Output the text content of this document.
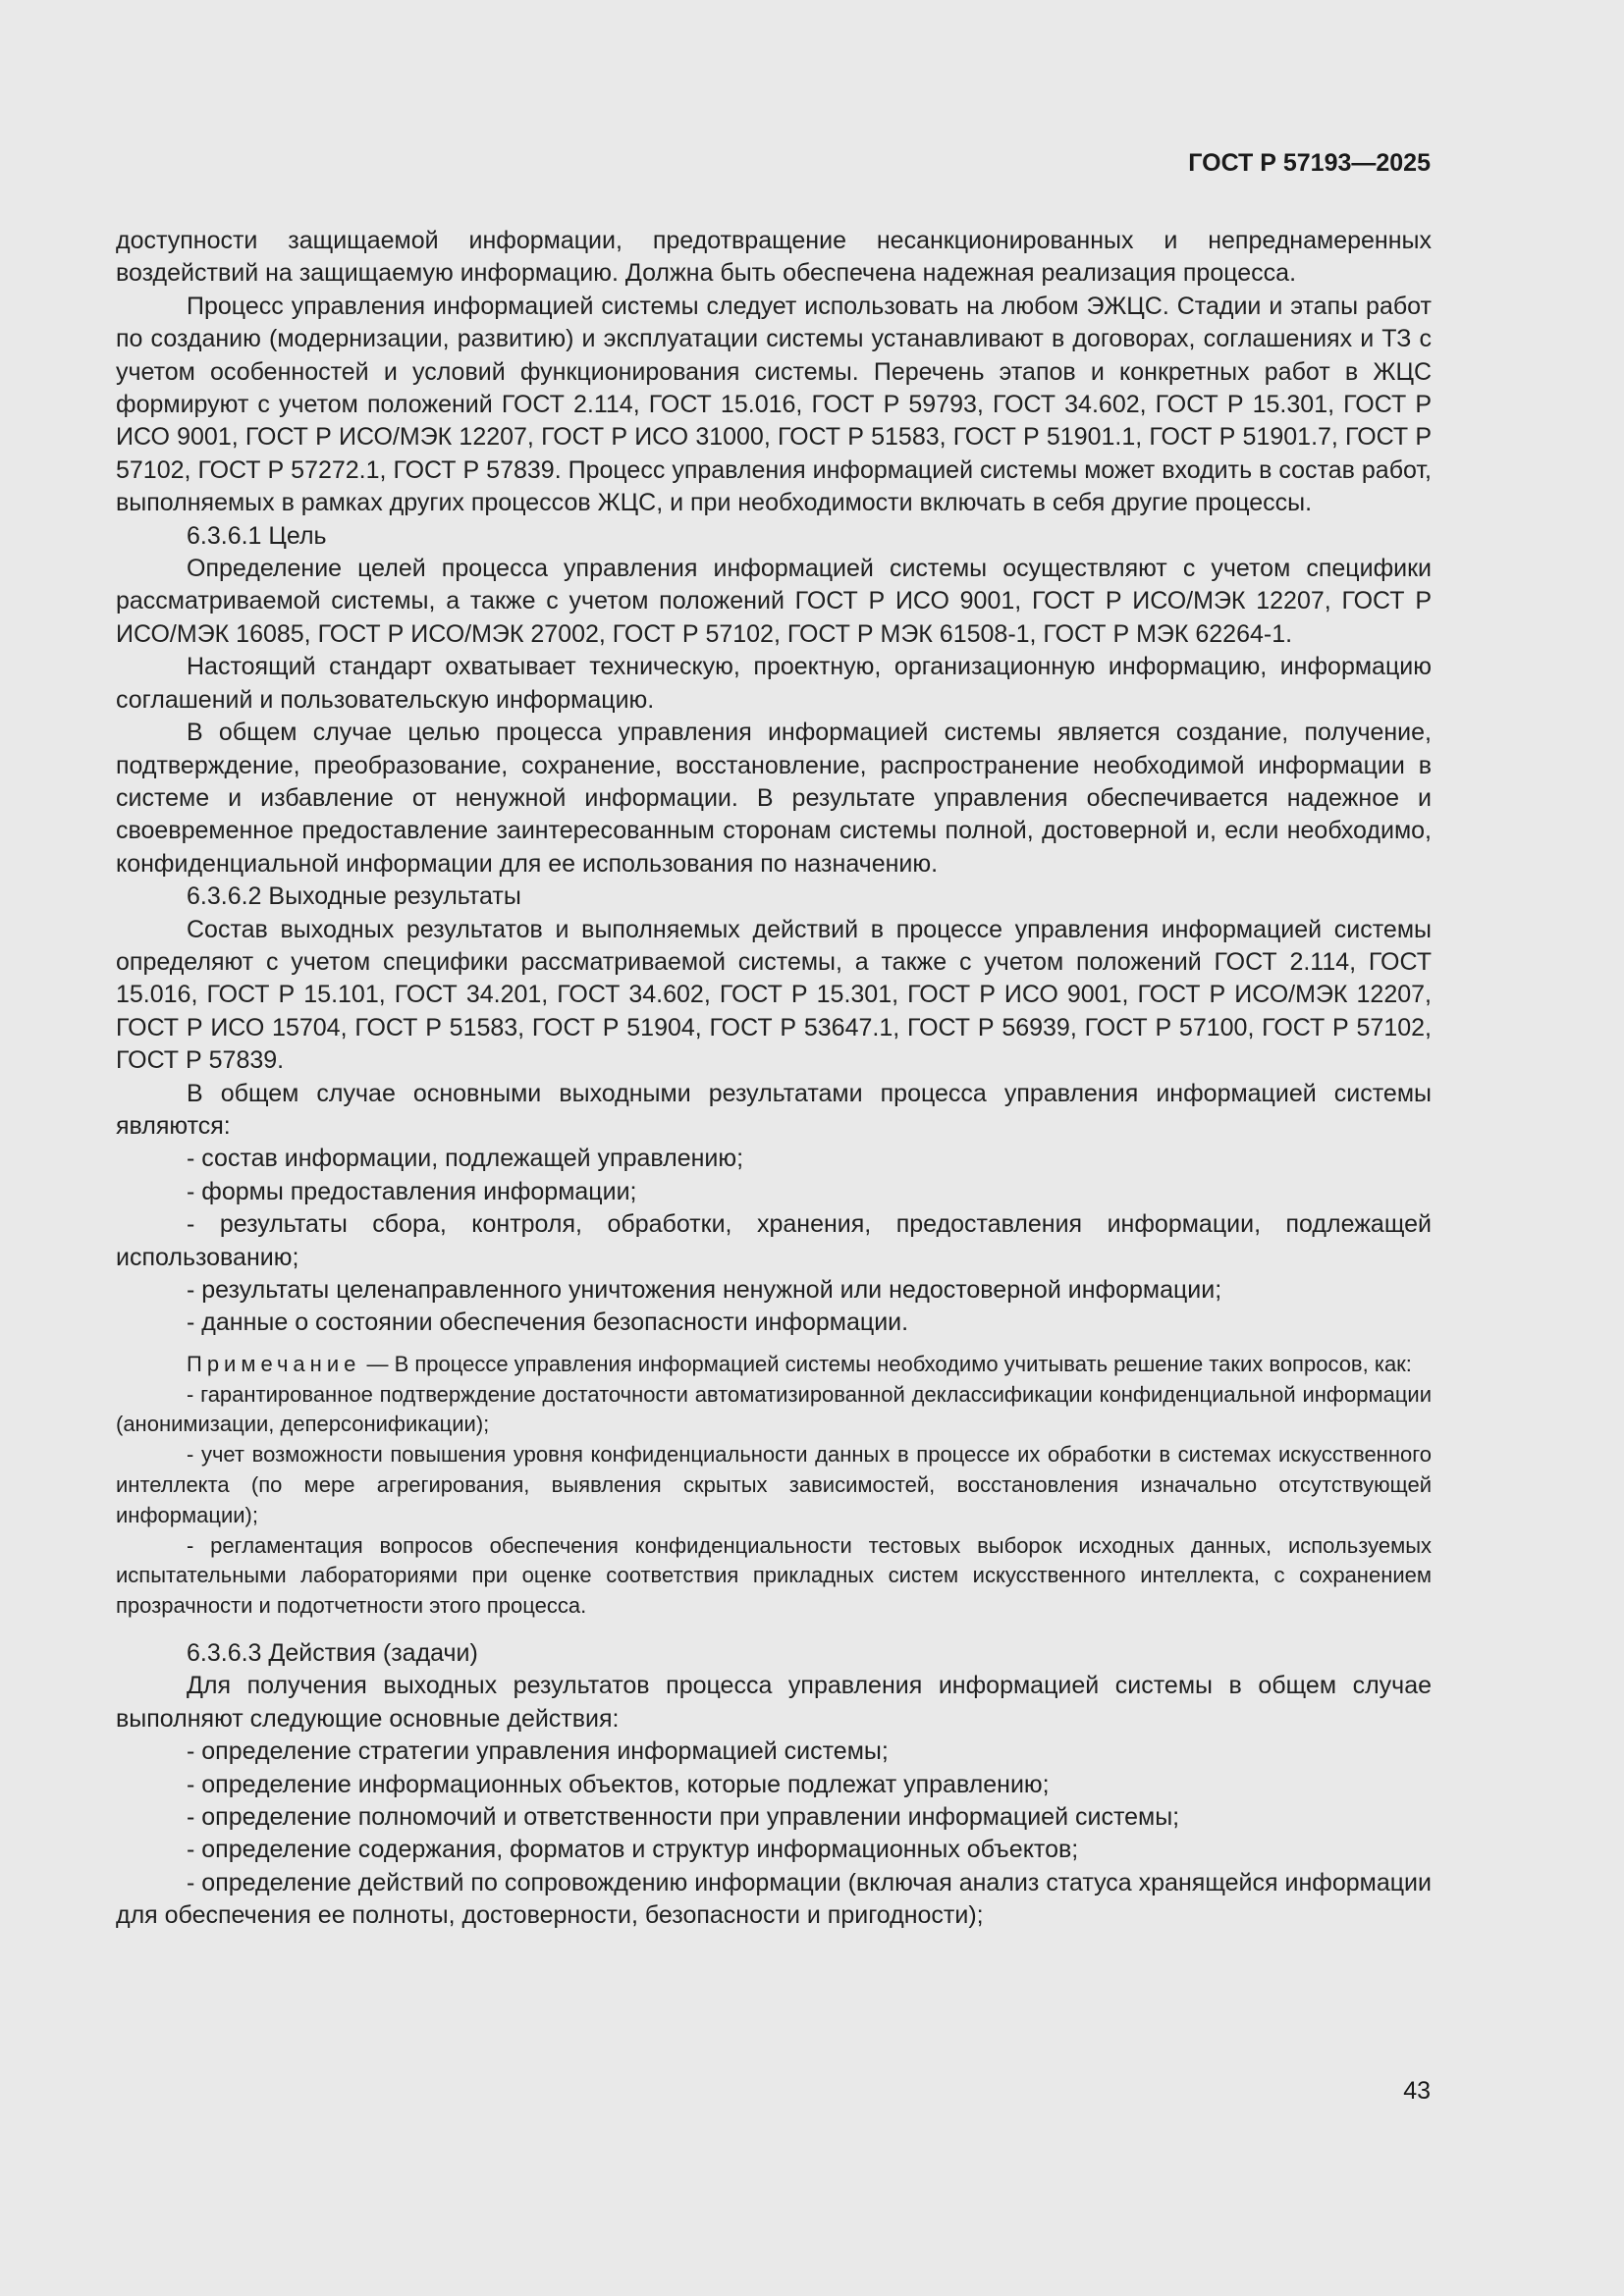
ГОСТ Р 57193—2025

доступности защищаемой информации, предотвращение несанкционированных и непреднамеренных воздействий на защищаемую информацию. Должна быть обеспечена надежная реализация процесса.

Процесс управления информацией системы следует использовать на любом ЭЖЦС. Стадии и этапы работ по созданию (модернизации, развитию) и эксплуатации системы устанавливают в договорах, соглашениях и ТЗ с учетом особенностей и условий функционирования системы. Перечень этапов и конкретных работ в ЖЦС формируют с учетом положений ГОСТ 2.114, ГОСТ 15.016, ГОСТ Р 59793, ГОСТ 34.602, ГОСТ Р 15.301, ГОСТ Р ИСО 9001, ГОСТ Р ИСО/МЭК 12207, ГОСТ Р ИСО 31000, ГОСТ Р 51583, ГОСТ Р 51901.1, ГОСТ Р 51901.7, ГОСТ Р 57102, ГОСТ Р 57272.1, ГОСТ Р 57839. Процесс управления информацией системы может входить в состав работ, выполняемых в рамках других процессов ЖЦС, и при необходимости включать в себя другие процессы.

6.3.6.1 Цель

Определение целей процесса управления информацией системы осуществляют с учетом специфики рассматриваемой системы, а также с учетом положений ГОСТ Р ИСО 9001, ГОСТ Р ИСО/МЭК 12207, ГОСТ Р ИСО/МЭК 16085, ГОСТ Р ИСО/МЭК 27002, ГОСТ Р 57102, ГОСТ Р МЭК 61508-1, ГОСТ Р МЭК 62264-1.

Настоящий стандарт охватывает техническую, проектную, организационную информацию, информацию соглашений и пользовательскую информацию.

В общем случае целью процесса управления информацией системы является создание, получение, подтверждение, преобразование, сохранение, восстановление, распространение необходимой информации в системе и избавление от ненужной информации. В результате управления обеспечивается надежное и своевременное предоставление заинтересованным сторонам системы полной, достоверной и, если необходимо, конфиденциальной информации для ее использования по назначению.

6.3.6.2 Выходные результаты

Состав выходных результатов и выполняемых действий в процессе управления информацией системы определяют с учетом специфики рассматриваемой системы, а также с учетом положений ГОСТ 2.114, ГОСТ 15.016, ГОСТ Р 15.101, ГОСТ 34.201, ГОСТ 34.602, ГОСТ Р 15.301, ГОСТ Р ИСО 9001, ГОСТ Р ИСО/МЭК 12207, ГОСТ Р ИСО 15704, ГОСТ Р 51583, ГОСТ Р 51904, ГОСТ Р 53647.1, ГОСТ Р 56939, ГОСТ Р 57100, ГОСТ Р 57102, ГОСТ Р 57839.

В общем случае основными выходными результатами процесса управления информацией системы являются:

- состав информации, подлежащей управлению;

- формы предоставления информации;

- результаты сбора, контроля, обработки, хранения, предоставления информации, подлежащей использованию;

- результаты целенаправленного уничтожения ненужной или недостоверной информации;

- данные о состоянии обеспечения безопасности информации.

Примечание — В процессе управления информацией системы необходимо учитывать решение таких вопросов, как:

- гарантированное подтверждение достаточности автоматизированной деклассификации конфиденциальной информации (анонимизации, деперсонификации);

- учет возможности повышения уровня конфиденциальности данных в процессе их обработки в системах искусственного интеллекта (по мере агрегирования, выявления скрытых зависимостей, восстановления изначально отсутствующей информации);

- регламентация вопросов обеспечения конфиденциальности тестовых выборок исходных данных, используемых испытательными лабораториями при оценке соответствия прикладных систем искусственного интеллекта, с сохранением прозрачности и подотчетности этого процесса.

6.3.6.3 Действия (задачи)

Для получения выходных результатов процесса управления информацией системы в общем случае выполняют следующие основные действия:

- определение стратегии управления информацией системы;

- определение информационных объектов, которые подлежат управлению;

- определение полномочий и ответственности при управлении информацией системы;

- определение содержания, форматов и структур информационных объектов;

- определение действий по сопровождению информации (включая анализ статуса хранящейся информации для обеспечения ее полноты, достоверности, безопасности и пригодности);

43
